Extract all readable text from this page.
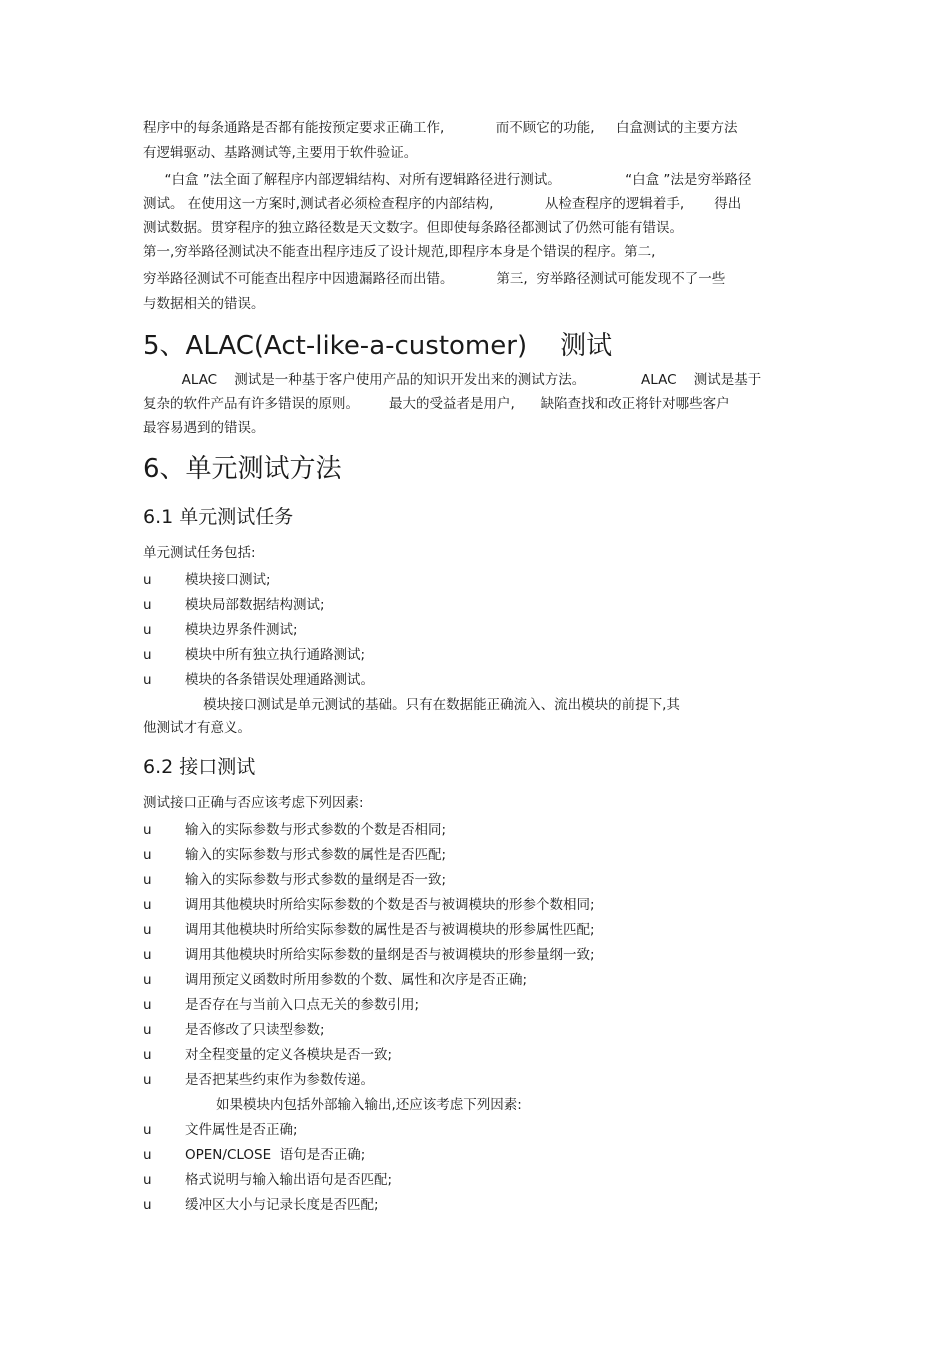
程序中的每条通路是否都有能按预定要求正确工作,            而不顾它的功能,     白盒测试的主要方法
有逻辑驱动、基路测试等,主要用于软件验证。
“白盒 ”法全面了解程序内部逻辑结构、对所有逻辑路径进行测试。               “白盒 ”法是穷举路径
测试。 在使用这一方案时,测试者必须检查程序的内部结构,            从检查程序的逻辑着手,       得出
测试数据。贯穿程序的独立路径数是天文数字。但即使每条路径都测试了仍然可能有错误。
第一,穷举路径测试决不能查出程序违反了设计规范,即程序本身是个错误的程序。第二,
穷举路径测试不可能查出程序中因遗漏路径而出错。          第三,  穷举路径测试可能发现不了一些
与数据相关的错误。
5、ALAC(Act-like-a-customer)    测试
ALAC    测试是一种基于客户使用产品的知识开发出来的测试方法。             ALAC    测试是基于
复杂的软件产品有许多错误的原则。       最大的受益者是用户,      缺陷查找和改正将针对哪些客户
最容易遇到的错误。
6、单元测试方法
6.1 单元测试任务
单元测试任务包括:
u 模块接口测试;
u 模块局部数据结构测试;
u 模块边界条件测试;
u 模块中所有独立执行通路测试;
u 模块的各条错误处理通路测试。
模块接口测试是单元测试的基础。只有在数据能正确流入、流出模块的前提下,其
他测试才有意义。
6.2 接口测试
测试接口正确与否应该考虑下列因素:
u 输入的实际参数与形式参数的个数是否相同;
u 输入的实际参数与形式参数的属性是否匹配;
u 输入的实际参数与形式参数的量纲是否一致;
u 调用其他模块时所给实际参数的个数是否与被调模块的形参个数相同;
u 调用其他模块时所给实际参数的属性是否与被调模块的形参属性匹配;
u 调用其他模块时所给实际参数的量纲是否与被调模块的形参量纲一致;
u 调用预定义函数时所用参数的个数、属性和次序是否正确;
u 是否存在与当前入口点无关的参数引用;
u 是否修改了只读型参数;
u 对全程变量的定义各模块是否一致;
u 是否把某些约束作为参数传递。
如果模块内包括外部输入输出,还应该考虑下列因素:
u 文件属性是否正确;
u OPEN/CLOSE  语句是否正确;
u 格式说明与输入输出语句是否匹配;
u 缓冲区大小与记录长度是否匹配;
